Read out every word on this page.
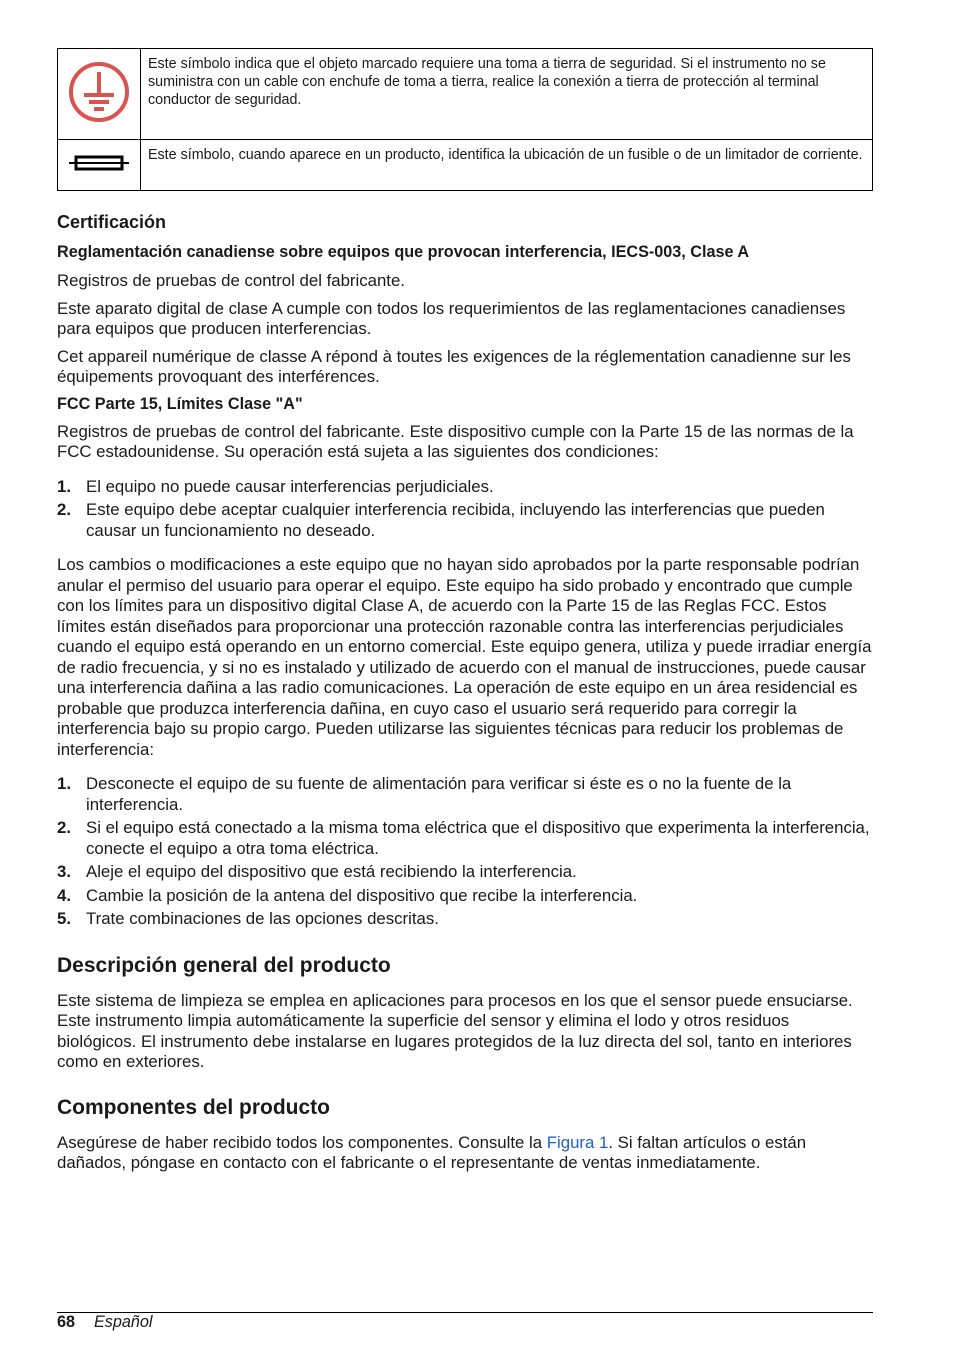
	Este símbolo indica que el objeto marcado requiere una toma a tierra de seguridad. Si el instrumento no se suministra con un cable con enchufe de toma a tierra, realice la conexión a tierra de protección al terminal conductor de seguridad.
	Este símbolo, cuando aparece en un producto, identifica la ubicación de un fusible o de un limitador de corriente.
Certificación
Reglamentación canadiense sobre equipos que provocan interferencia, IECS-003, Clase A

Registros de pruebas de control del fabricante.

Este aparato digital de clase A cumple con todos los requerimientos de las reglamentaciones canadienses para equipos que producen interferencias.

Cet appareil numérique de classe A répond à toutes les exigences de la réglementation canadienne sur les équipements provoquant des interférences.

FCC Parte 15, Límites Clase "A"

Registros de pruebas de control del fabricante. Este dispositivo cumple con la Parte 15 de las normas de la FCC estadounidense. Su operación está sujeta a las siguientes dos condiciones:

1. El equipo no puede causar interferencias perjudiciales.
2. Este equipo debe aceptar cualquier interferencia recibida, incluyendo las interferencias que pueden causar un funcionamiento no deseado.

Los cambios o modificaciones a este equipo que no hayan sido aprobados por la parte responsable podrían anular el permiso del usuario para operar el equipo. Este equipo ha sido probado y encontrado que cumple con los límites para un dispositivo digital Clase A, de acuerdo con la Parte 15 de las Reglas FCC. Estos límites están diseñados para proporcionar una protección razonable contra las interferencias perjudiciales cuando el equipo está operando en un entorno comercial. Este equipo genera, utiliza y puede irradiar energía de radio frecuencia, y si no es instalado y utilizado de acuerdo con el manual de instrucciones, puede causar una interferencia dañina a las radio comunicaciones. La operación de este equipo en un área residencial es probable que produzca interferencia dañina, en cuyo caso el usuario será requerido para corregir la interferencia bajo su propio cargo. Pueden utilizarse las siguientes técnicas para reducir los problemas de interferencia:

1. Desconecte el equipo de su fuente de alimentación para verificar si éste es o no la fuente de la interferencia.
2. Si el equipo está conectado a la misma toma eléctrica que el dispositivo que experimenta la interferencia, conecte el equipo a otra toma eléctrica.
3. Aleje el equipo del dispositivo que está recibiendo la interferencia.
4. Cambie la posición de la antena del dispositivo que recibe la interferencia.
5. Trate combinaciones de las opciones descritas.
Descripción general del producto

Este sistema de limpieza se emplea en aplicaciones para procesos en los que el sensor puede ensuciarse. Este instrumento limpia automáticamente la superficie del sensor y elimina el lodo y otros residuos biológicos. El instrumento debe instalarse en lugares protegidos de la luz directa del sol, tanto en interiores como en exteriores.

Componentes del producto

Asegúrese de haber recibido todos los componentes. Consulte la Figura 1. Si faltan artículos o están dañados, póngase en contacto con el fabricante o el representante de ventas inmediatamente.

68 Español
